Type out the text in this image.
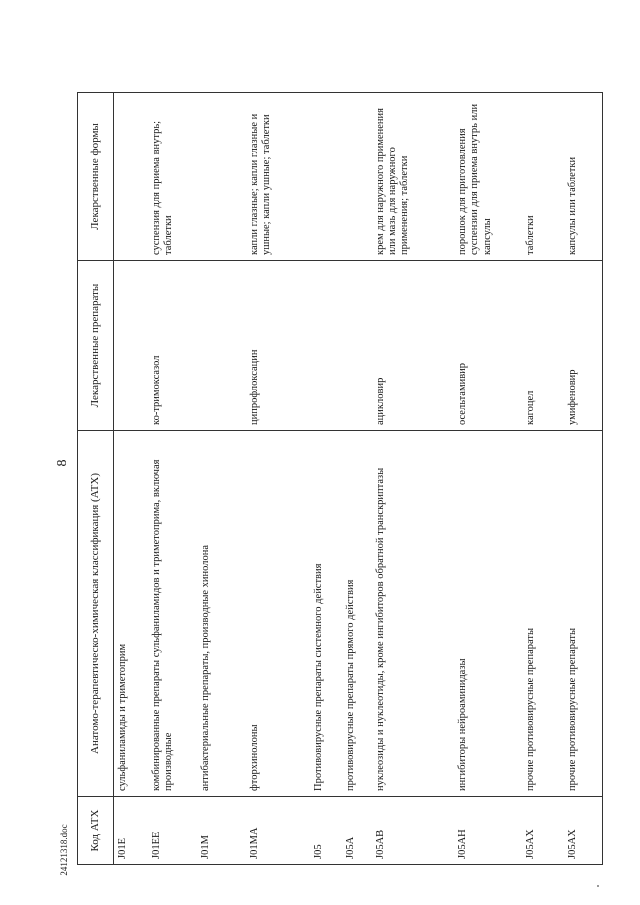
8
Код АТХ	Анатомо-терапевтическо-химическая классификация (АТХ)	Лекарственные препараты	Лекарственные формы
J01E	сульфаниламиды и триметоприм		
J01EE	комбинированные препараты сульфаниламидов и триметоприма, включая производные	ко-тримоксазол	суспензия для приема внутрь; таблетки
J01M	антибактериальные препараты, производные хинолона		
J01MA	фторхинолоны	ципрофлоксацин	капли глазные; капли глазные и ушные; капли ушные; таблетки
J05	Противовирусные препараты системного действия		
J05A	противовирусные препараты прямого действия		
J05AB	нуклеозиды и нуклеотиды, кроме ингибиторов обратной транскриптазы	ацикловир	крем для наружного применения или мазь для наружного применения; таблетки
J05AH	ингибиторы нейроаминидазы	осельтамивир	порошок для приготовления суспензии для приема внутрь или капсулы
J05AX	прочие противовирусные препараты	кагоцел	таблетки
J05AX	прочие противовирусные препараты	умифеновир	капсулы или таблетки
24121318.doc
